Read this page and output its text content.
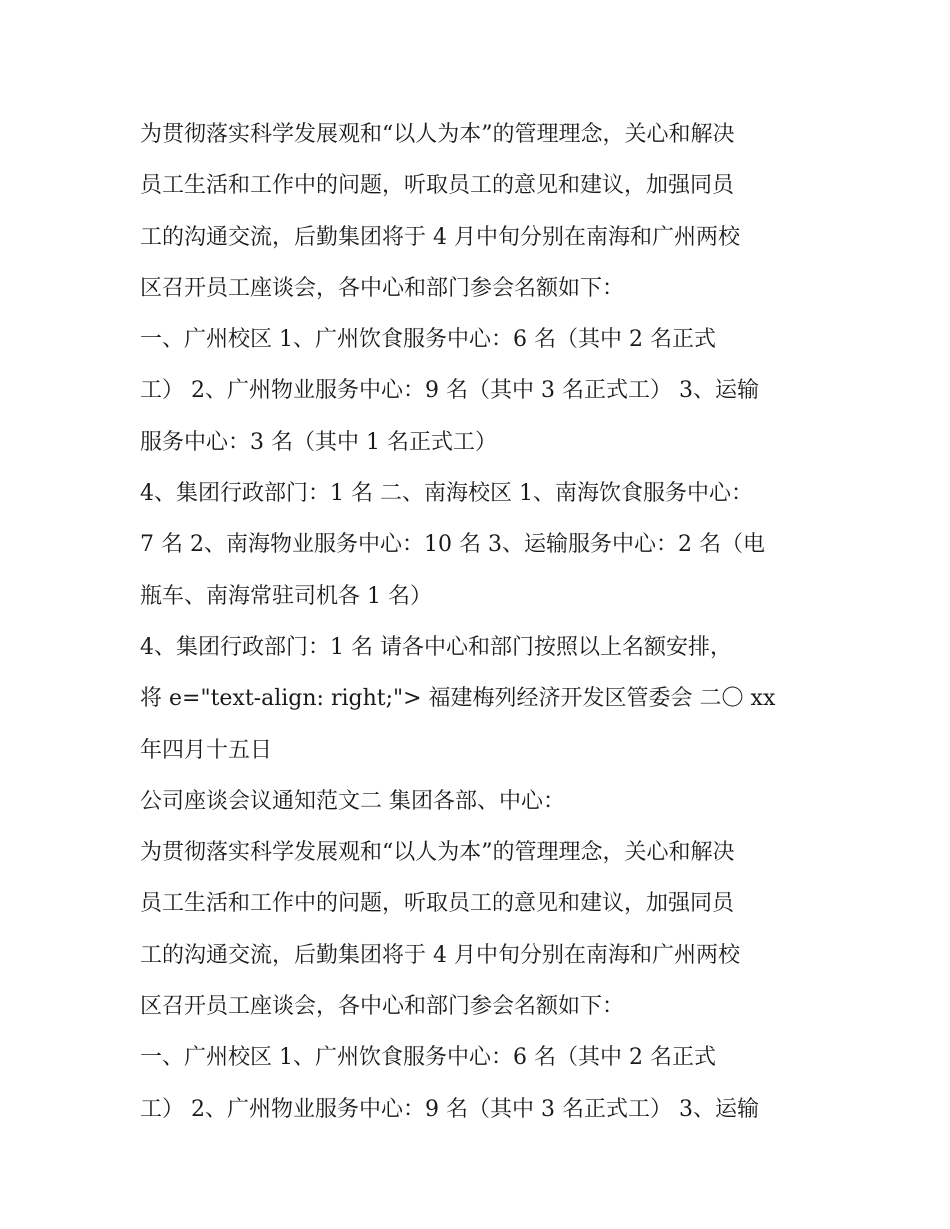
为贯彻落实科学发展观和“以人为本”的管理理念，关心和解决
员工生活和工作中的问题，听取员工的意见和建议，加强同员
工的沟通交流，后勤集团将于 4 月中旬分别在南海和广州两校
区召开员工座谈会，各中心和部门参会名额如下：
一、广州校区 1、广州饮食服务中心：6 名（其中 2 名正式
工） 2、广州物业服务中心：9 名（其中 3 名正式工） 3、运输
服务中心：3 名（其中 1 名正式工）
4、集团行政部门：1 名 二、南海校区 1、南海饮食服务中心：
7 名 2、南海物业服务中心：10 名 3、运输服务中心：2 名（电
瓶车、南海常驻司机各 1 名）
4、集团行政部门：1 名 请各中心和部门按照以上名额安排，
将 e="text-align: right;"> 福建梅列经济开发区管委会 二〇 xx
年四月十五日
公司座谈会议通知范文二 集团各部、中心：
为贯彻落实科学发展观和“以人为本”的管理理念，关心和解决
员工生活和工作中的问题，听取员工的意见和建议，加强同员
工的沟通交流，后勤集团将于 4 月中旬分别在南海和广州两校
区召开员工座谈会，各中心和部门参会名额如下：
一、广州校区 1、广州饮食服务中心：6 名（其中 2 名正式
工） 2、广州物业服务中心：9 名（其中 3 名正式工） 3、运输
